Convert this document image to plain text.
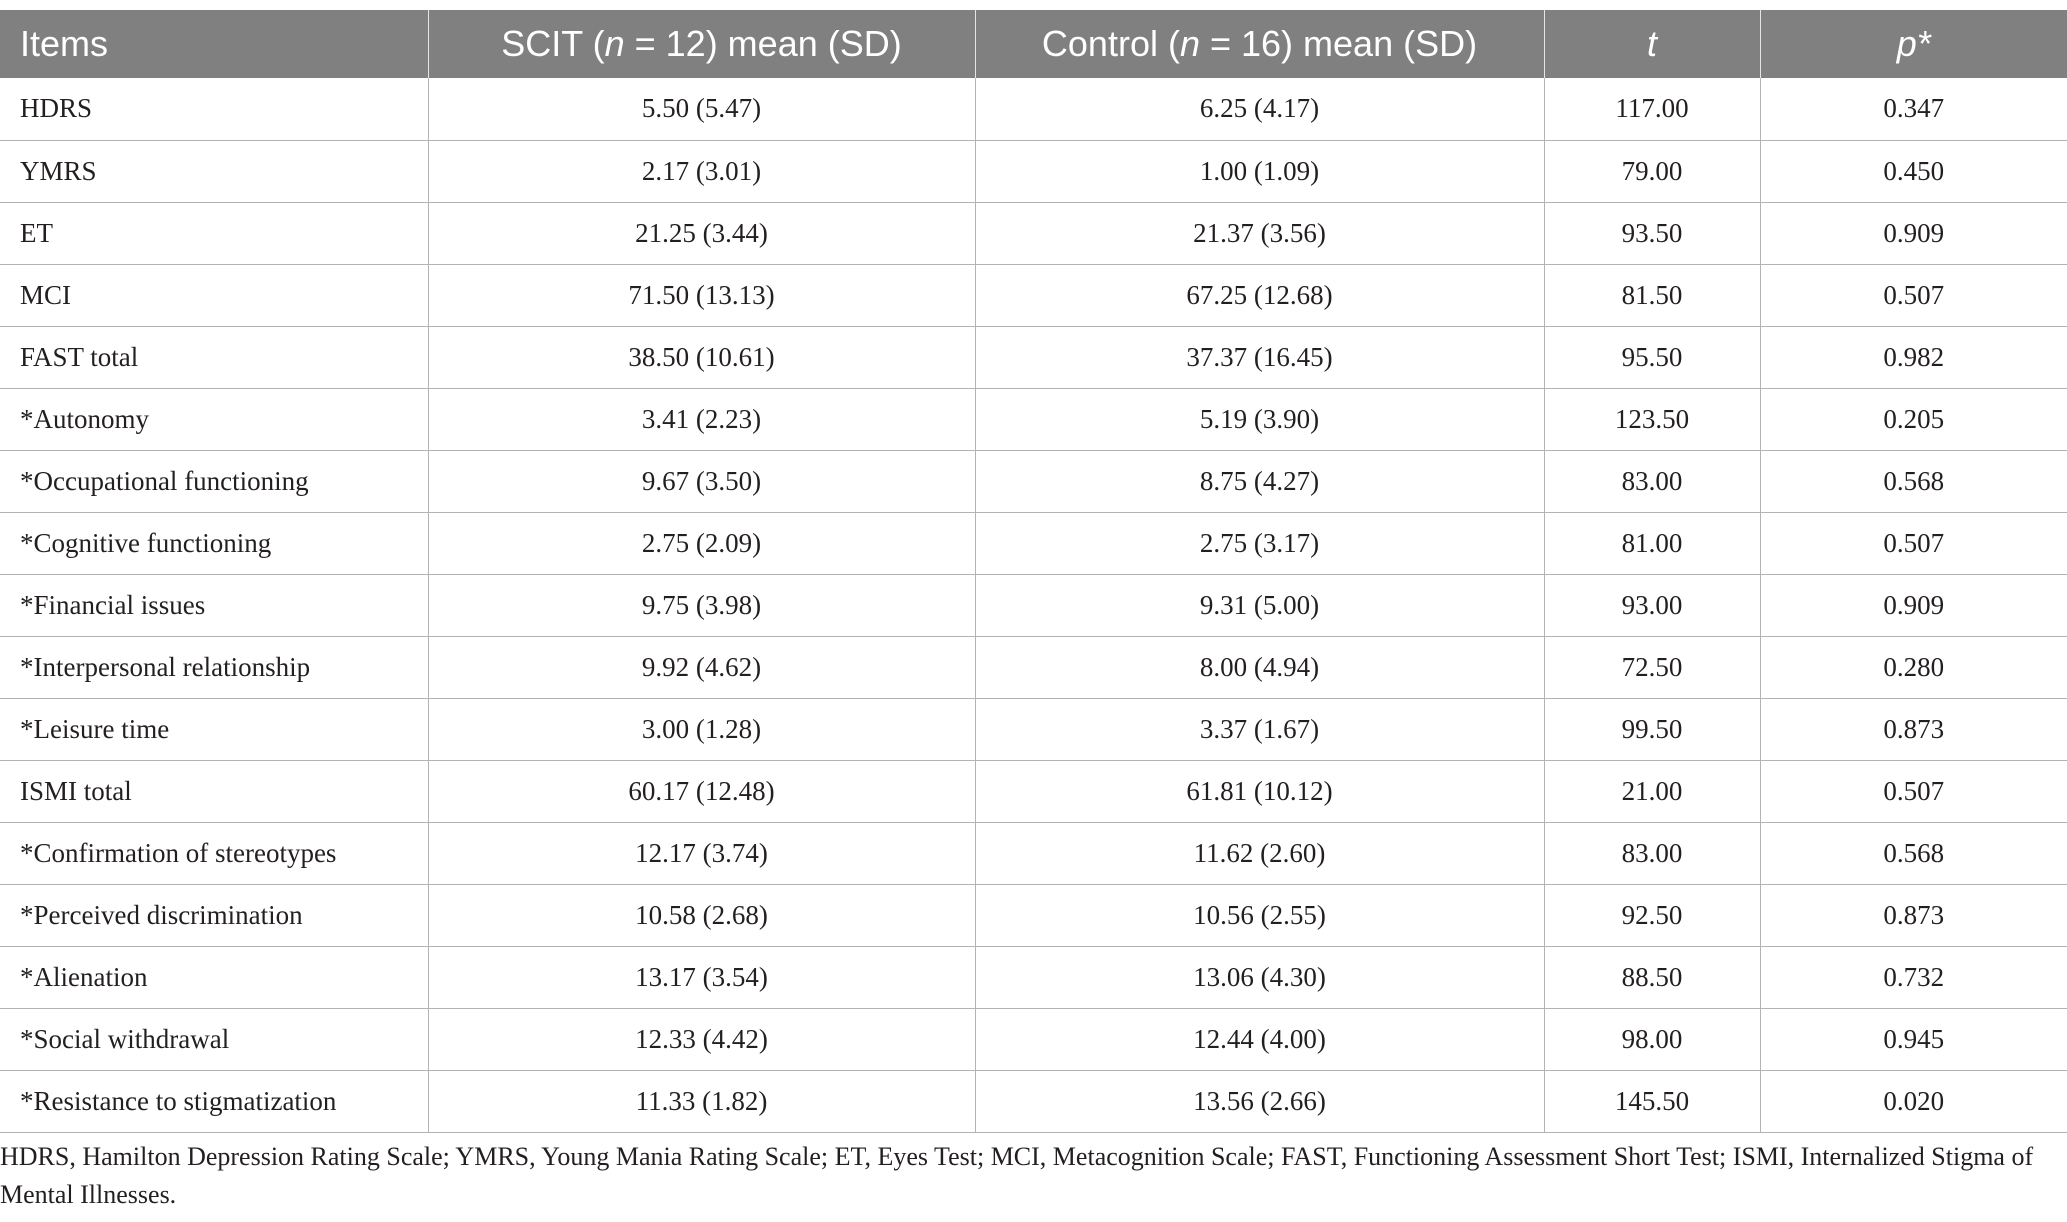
Items	SCIT (n = 12) mean (SD)	Control (n = 16) mean (SD)	t	p*
HDRS	5.50 (5.47)	6.25 (4.17)	117.00	0.347
YMRS	2.17 (3.01)	1.00 (1.09)	79.00	0.450
ET	21.25 (3.44)	21.37 (3.56)	93.50	0.909
MCI	71.50 (13.13)	67.25 (12.68)	81.50	0.507
FAST total	38.50 (10.61)	37.37 (16.45)	95.50	0.982
*Autonomy	3.41 (2.23)	5.19 (3.90)	123.50	0.205
*Occupational functioning	9.67 (3.50)	8.75 (4.27)	83.00	0.568
*Cognitive functioning	2.75 (2.09)	2.75 (3.17)	81.00	0.507
*Financial issues	9.75 (3.98)	9.31 (5.00)	93.00	0.909
*Interpersonal relationship	9.92 (4.62)	8.00 (4.94)	72.50	0.280
*Leisure time	3.00 (1.28)	3.37 (1.67)	99.50	0.873
ISMI total	60.17 (12.48)	61.81 (10.12)	21.00	0.507
*Confirmation of stereotypes	12.17 (3.74)	11.62 (2.60)	83.00	0.568
*Perceived discrimination	10.58 (2.68)	10.56 (2.55)	92.50	0.873
*Alienation	13.17 (3.54)	13.06 (4.30)	88.50	0.732
*Social withdrawal	12.33 (4.42)	12.44 (4.00)	98.00	0.945
*Resistance to stigmatization	11.33 (1.82)	13.56 (2.66)	145.50	0.020
HDRS, Hamilton Depression Rating Scale; YMRS, Young Mania Rating Scale; ET, Eyes Test; MCI, Metacognition Scale; FAST, Functioning Assessment Short Test; ISMI, Internalized Stigma of Mental Illnesses.
